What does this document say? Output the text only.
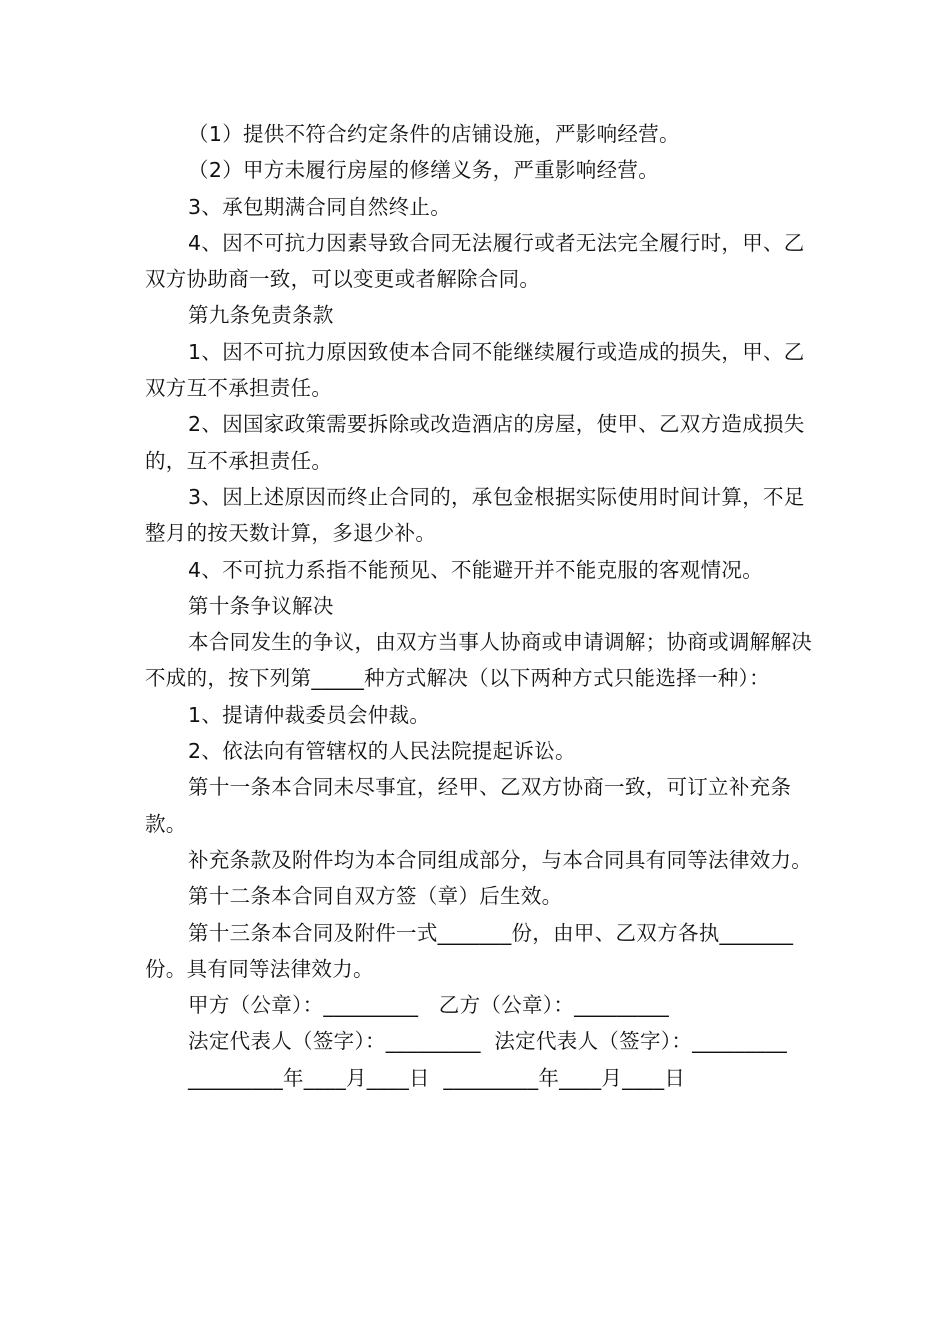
（1）提供不符合约定条件的店铺设施，严影响经营。

（2）甲方未履行房屋的修缮义务，严重影响经营。

3、承包期满合同自然终止。

4、因不可抗力因素导致合同无法履行或者无法完全履行时，甲、乙双方协助商一致，可以变更或者解除合同。

第九条免责条款

1、因不可抗力原因致使本合同不能继续履行或造成的损失，甲、乙双方互不承担责任。

2、因国家政策需要拆除或改造酒店的房屋，使甲、乙双方造成损失的，互不承担责任。

3、因上述原因而终止合同的，承包金根据实际使用时间计算，不足整月的按天数计算，多退少补。

4、不可抗力系指不能预见、不能避开并不能克服的客观情况。

第十条争议解决

本合同发生的争议，由双方当事人协商或申请调解；协商或调解解决不成的，按下列第_____种方式解决（以下两种方式只能选择一种）：

1、提请仲裁委员会仲裁。

2、依法向有管辖权的人民法院提起诉讼。

第十一条本合同未尽事宜，经甲、乙双方协商一致，可订立补充条款。

补充条款及附件均为本合同组成部分，与本合同具有同等法律效力。

第十二条本合同自双方签（章）后生效。

第十三条本合同及附件一式_______份，由甲、乙双方各执_______份。具有同等法律效力。

甲方（公章）：_________   乙方（公章）：_________

法定代表人（签字）：_________  法定代表人（签字）：_________

_________年____月____日  _________年____月____日
